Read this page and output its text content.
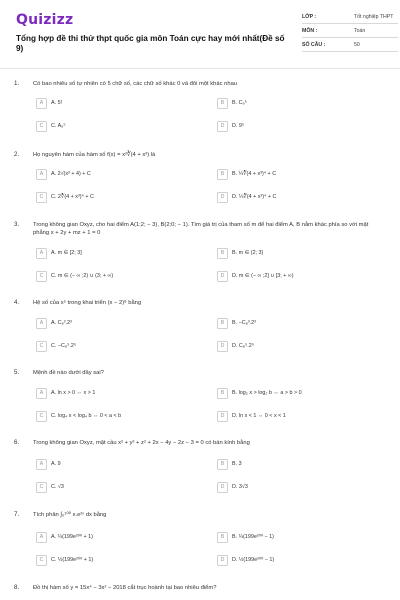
Quizizz
Tổng hợp đề thi thử thpt quốc gia môn Toán cực hay mới nhất(Đề số 9)
LỚP :	Tốt nghiệp THPT
MÔN :	Toán
SỐ CÂU :	50
1. Có bao nhiêu số tự nhiên có 5 chữ số, các chữ số khác 0 và đôi một khác nhau
A	A. 5!	B	B. C₉⁵
C	C. A₉⁵	D	D. 9⁵
2. Họ nguyên hàm của hàm số f(x) = x²∛(4 + x³) là
A	A. 2√(x³ + 4) + C	B	B. ¼∛(4 + x³)⁴ + C
C	C. 2∛(4 + x³)⁴ + C	D	D. ¼∛(4 + x³)⁴ + C
3. Trong không gian Oxyz, cho hai điểm A(1;2; − 3), B(2;0; − 1). Tìm giá trị của tham số m để hai điểm A, B nằm khác phía so với mặt phẳng x + 2y + mz + 1 = 0
A	A. m ∈ [2; 3]	B	B. m ∈ (2; 3)
C	C. m ∈ (− ∞ ;2) ∪ (3; + ∞)	D	D. m ∈ (− ∞ ;2] ∪ [3; + ∞)
4. Hệ số của x⁵ trong khai triển (x − 2)⁸ bằng
A	A. C₈³.2³	B	B. −C₈³.2³
C	C. −C₈⁵.2⁵	D	D. C₈⁵.2⁵
5. Mệnh đề nào dưới đây sai?
A	A. ln x > 0 ⇔ x > 1	B	B. log₂ x > log₂ b ⇔ a > b > 0
C	C. log₄ x < log₄ b ⇔ 0 < a < b	D	D. ln x < 1 ⇔ 0 < x < 1
6. Trong không gian Oxyz, mặt cầu x² + y² + z² + 2x − 4y − 2z − 3 = 0 có bán kính bằng
A	A. 9	B	B. 3
C	C. √3	D	D. 3√3
7. Tích phân ∫₀¹⁰⁰ x.e²ˣ dx bằng
A	A. ¼(199e²⁰⁰ + 1)	B	B. ¼(199e²⁰⁰ − 1)
C	C. ½(199e²⁰⁰ + 1)	D	D. ½(199e²⁰⁰ − 1)
8. Đồ thị hàm số y = 15x⁴ − 3x² − 2018 cắt trục hoành tại bao nhiêu điểm?
